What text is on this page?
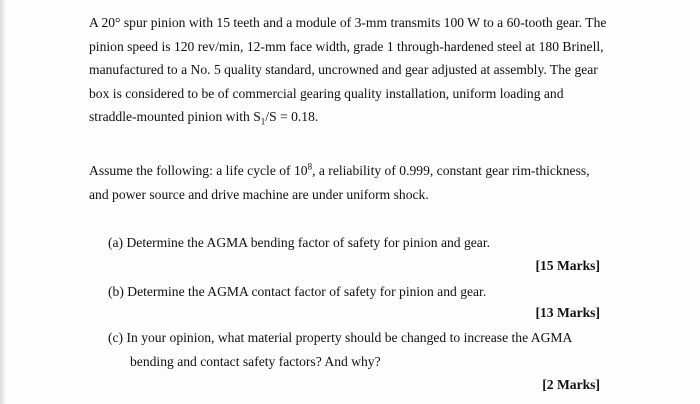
A 20° spur pinion with 15 teeth and a module of 3-mm transmits 100 W to a 60-tooth gear. The
pinion speed is 120 rev/min, 12-mm face width, grade 1 through-hardened steel at 180 Brinell,
manufactured to a No. 5 quality standard, uncrowned and gear adjusted at assembly. The gear
box is considered to be of commercial gearing quality installation, uniform loading and
straddle-mounted pinion with $S_1/S = 0.18$.
Assume the following: a life cycle of $10^8$, a reliability of 0.999, constant gear rim-thickness,
and power source and drive machine are under uniform shock.

(a) Determine the AGMA bending factor of safety for pinion and gear.

[15 Marks]

(b) Determine the AGMA contact factor of safety for pinion and gear.

[13 Marks]

(c) In your opinion, what material property should be changed to increase the AGMA
bending and contact safety factors? And why?

[2 Marks]
